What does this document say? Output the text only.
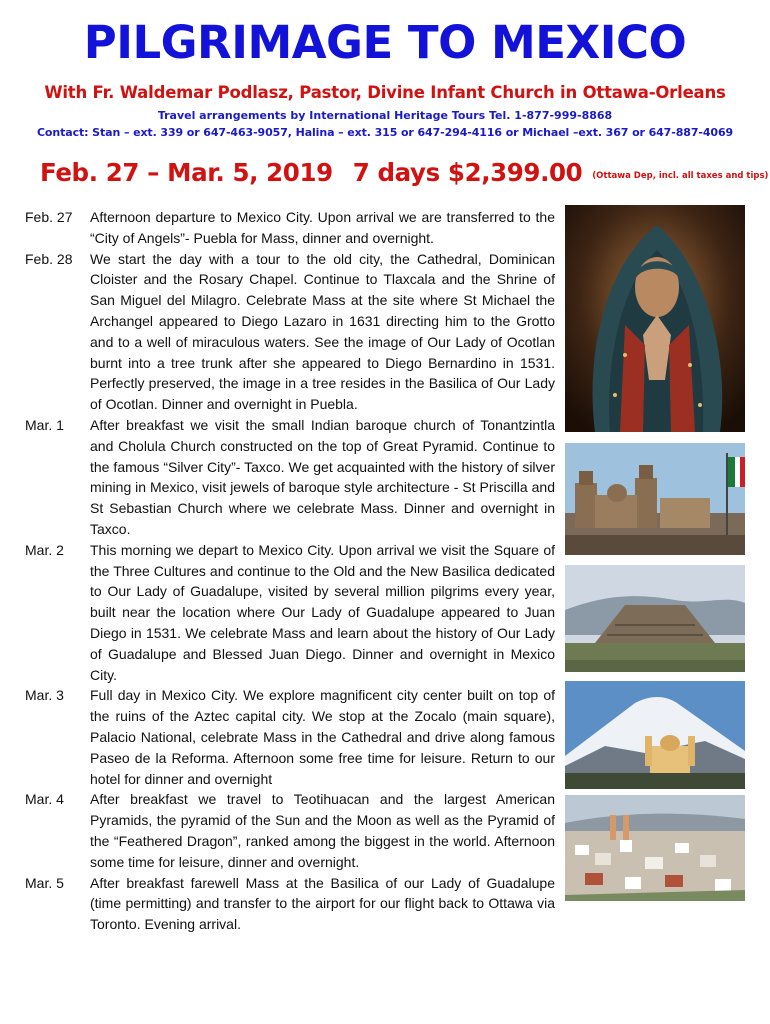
PILGRIMAGE TO MEXICO
With Fr. Waldemar Podlasz, Pastor, Divine Infant Church in Ottawa-Orleans
Travel arrangements by International Heritage Tours Tel. 1-877-999-8868
Contact: Stan – ext. 339 or 647-463-9057, Halina – ext. 315 or 647-294-4116 or Michael –ext. 367 or 647-887-4069
Feb. 27 – Mar. 5, 2019 7 days $2,399.00 (Ottawa Dep, incl. all taxes and tips)
Feb. 27	Afternoon departure to Mexico City. Upon arrival we are transferred to the “City of Angels”- Puebla for Mass, dinner and overnight.
Feb. 28	We start the day with a tour to the old city, the Cathedral, Dominican Cloister and the Rosary Chapel. Continue to Tlaxcala and the Shrine of San Miguel del Milagro. Celebrate Mass at the site where St Michael the Archangel appeared to Diego Lazaro in 1631 directing him to the Grotto and to a well of miraculous waters. See the image of Our Lady of Ocotlan burnt into a tree trunk after she appeared to Diego Bernardino in 1531. Perfectly preserved, the image in a tree resides in the Basilica of Our Lady of Ocotlan. Dinner and overnight in Puebla.
Mar. 1	After breakfast we visit the small Indian baroque church of Tonantzintla and Cholula Church constructed on the top of Great Pyramid. Continue to the famous “Silver City”- Taxco. We get acquainted with the history of silver mining in Mexico, visit jewels of baroque style architecture - St Priscilla and St Sebastian Church where we celebrate Mass. Dinner and overnight in Taxco.
Mar. 2	This morning we depart to Mexico City. Upon arrival we visit the Square of the Three Cultures and continue to the Old and the New Basilica dedicated to Our Lady of Guadalupe, visited by several million pilgrims every year, built near the location where Our Lady of Guadalupe appeared to Juan Diego in 1531. We celebrate Mass and learn about the history of Our Lady of Guadalupe and Blessed Juan Diego. Dinner and overnight in Mexico City.
Mar. 3	Full day in Mexico City. We explore magnificent city center built on top of the ruins of the Aztec capital city. We stop at the Zocalo (main square), Palacio National, celebrate Mass in the Cathedral and drive along famous Paseo de la Reforma. Afternoon some free time for leisure. Return to our hotel for dinner and overnight
Mar. 4	After breakfast we travel to Teotihuacan and the largest American Pyramids, the pyramid of the Sun and the Moon as well as the Pyramid of the “Feathered Dragon”, ranked among the biggest in the world. Afternoon some time for leisure, dinner and overnight.
Mar. 5	After breakfast farewell Mass at the Basilica of our Lady of Guadalupe (time permitting) and transfer to the airport for our flight back to Ottawa via Toronto. Evening arrival.
